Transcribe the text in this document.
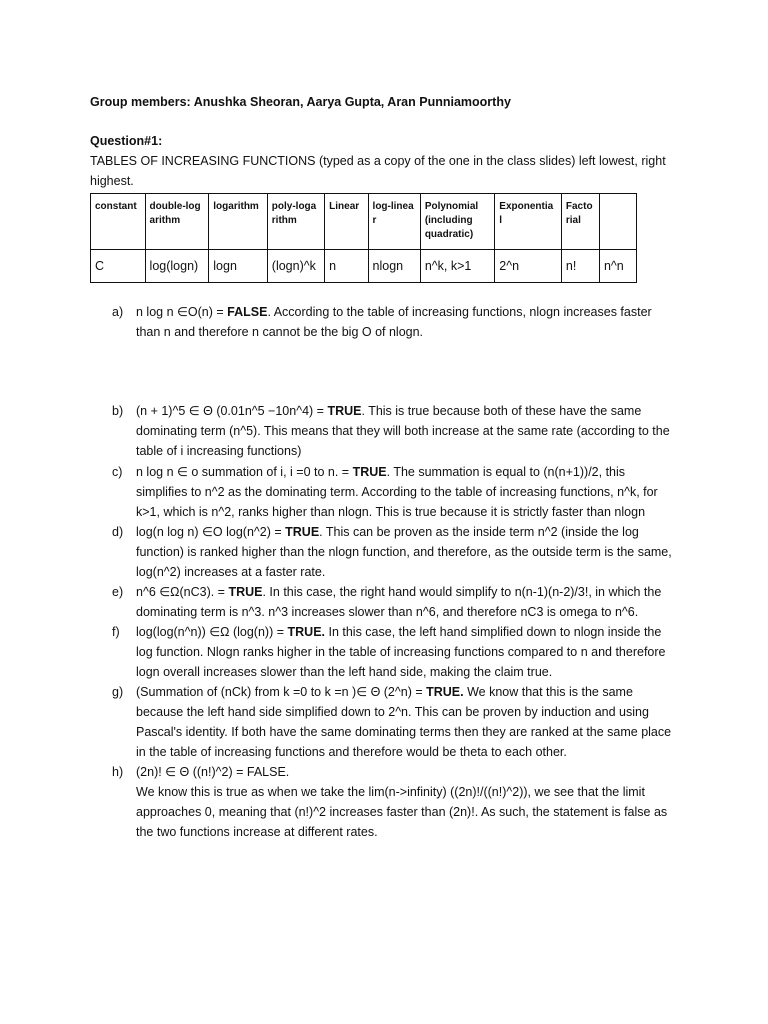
Group members: Anushka Sheoran, Aarya Gupta, Aran Punniamoorthy
Question#1:
TABLES OF INCREASING FUNCTIONS (typed as a copy of the one in the class slides) left lowest, right
highest.
constant	double-log arithm	logarithm	poly-loga rithm	Linear	log-linea r	Polynomial (including quadratic)	Exponentia l	Facto rial	
C	log(logn)	logn	(logn)^k	n	nlogn	n^k, k>1	2^n	n!	n^n
a) n log n ∈O(n) = FALSE. According to the table of increasing functions, nlogn increases faster than n and therefore n cannot be the big O of nlogn.
b) (n + 1)^5 ∈ Θ (0.01n^5 −10n^4) = TRUE. This is true because both of these have the same dominating term (n^5). This means that they will both increase at the same rate (according to the table of i increasing functions)
c) n log n ∈ o summation of i, i =0 to n. = TRUE. The summation is equal to (n(n+1))/2, this simplifies to n^2 as the dominating term. According to the table of increasing functions, n^k, for k>1, which is n^2, ranks higher than nlogn. This is true because it is strictly faster than nlogn
d) log(n log n) ∈O log(n^2) = TRUE. This can be proven as the inside term n^2 (inside the log function) is ranked higher than the nlogn function, and therefore, as the outside term is the same, log(n^2) increases at a faster rate.
e) n^6 ∈Ω(nC3). = TRUE. In this case, the right hand would simplify to n(n-1)(n-2)/3!, in which the dominating term is n^3. n^3 increases slower than n^6, and therefore nC3 is omega to n^6.
f) log(log(n^n)) ∈Ω (log(n)) = TRUE. In this case, the left hand simplified down to nlogn inside the log function. Nlogn ranks higher in the table of increasing functions compared to n and therefore logn overall increases slower than the left hand side, making the claim true.
g) (Summation of (nCk) from k =0 to k =n )∈ Θ (2^n) = TRUE. We know that this is the same because the left hand side simplified down to 2^n. This can be proven by induction and using Pascal's identity. If both have the same dominating terms then they are ranked at the same place in the table of increasing functions and therefore would be theta to each other.
h) (2n)! ∈ Θ ((n!)^2) = FALSE.
We know this is true as when we take the lim(n->infinity) ((2n)!/((n!)^2)), we see that the limit approaches 0, meaning that (n!)^2 increases faster than (2n)!. As such, the statement is false as the two functions increase at different rates.
